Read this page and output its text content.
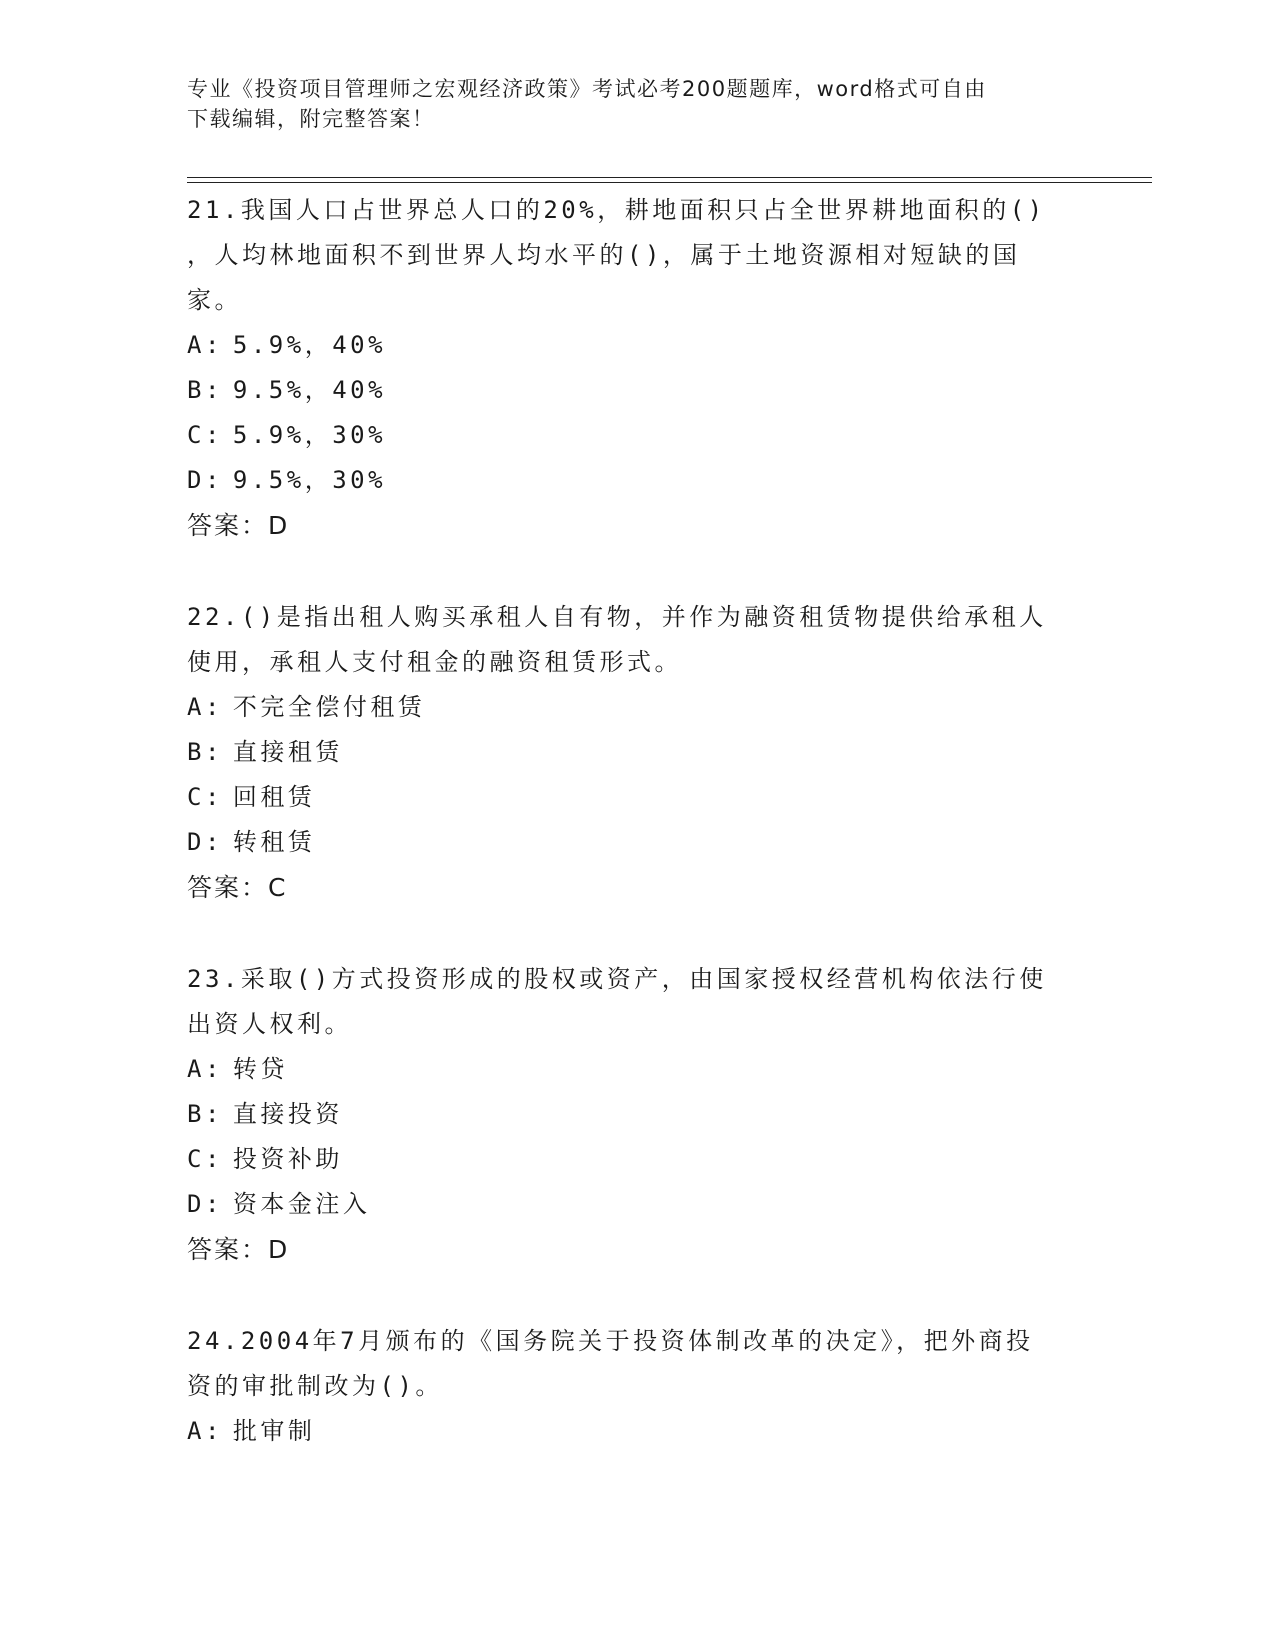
专业《投资项目管理师之宏观经济政策》考试必考200题题库，word格式可自由
下载编辑，附完整答案！
21.我国人口占世界总人口的20%，耕地面积只占全世界耕地面积的()
，人均林地面积不到世界人均水平的()，属于土地资源相对短缺的国
家。
A: 5.9%，40%
B: 9.5%，40%
C: 5.9%，30%
D: 9.5%，30%
答案：D
22.()是指出租人购买承租人自有物，并作为融资租赁物提供给承租人
使用，承租人支付租金的融资租赁形式。
A: 不完全偿付租赁
B: 直接租赁
C: 回租赁
D: 转租赁
答案：C
23.采取()方式投资形成的股权或资产，由国家授权经营机构依法行使
出资人权利。
A: 转贷
B: 直接投资
C: 投资补助
D: 资本金注入
答案：D
24.2004年7月颁布的《国务院关于投资体制改革的决定》，把外商投
资的审批制改为()。
A: 批审制
